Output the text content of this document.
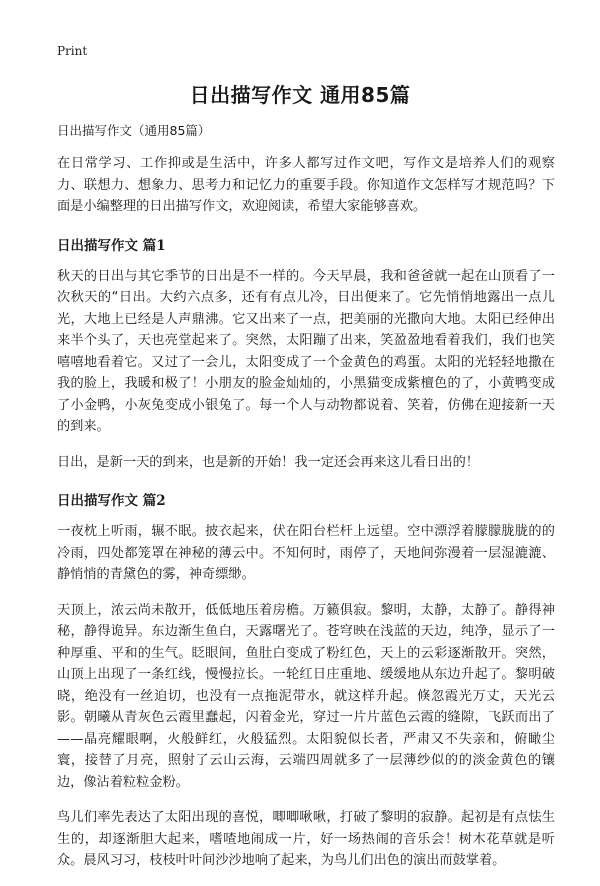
Print
日出描写作文 通用85篇
日出描写作文（通用85篇）

在日常学习、工作抑或是生活中，许多人都写过作文吧，写作文是培养人们的观察力、联想力、想象力、思考力和记忆力的重要手段。你知道作文怎样写才规范吗？下面是小编整理的日出描写作文，欢迎阅读，希望大家能够喜欢。

日出描写作文 篇1

秋天的日出与其它季节的日出是不一样的。今天早晨，我和爸爸就一起在山顶看了一次秋天的“日出。大约六点多，还有有点儿冷，日出便来了。它先悄悄地露出一点儿光，大地上已经是人声鼎沸。它又出来了一点，把美丽的光撒向大地。太阳已经伸出来半个头了，天也亮堂起来了。突然，太阳蹦了出来，笑盈盈地看着我们，我们也笑嘻嘻地看着它。又过了一会儿，太阳变成了一个金黄色的鸡蛋。太阳的光轻轻地撒在我的脸上，我暖和极了！小朋友的脸金灿灿的，小黑猫变成紫檀色的了，小黄鸭变成了小金鸭，小灰兔变成小银兔了。每一个人与动物都说着、笑着，仿佛在迎接新一天的到来。

日出，是新一天的到来，也是新的开始！我一定还会再来这儿看日出的！

日出描写作文 篇2

一夜枕上听雨，辗不眠。披衣起来，伏在阳台栏杆上远望。空中漂浮着朦朦胧胧的的冷雨，四处都笼罩在神秘的薄云中。不知何时，雨停了，天地间弥漫着一层湿漉漉、静悄悄的青黛色的雾，神奇缥缈。

天顶上，浓云尚未散开，低低地压着房檐。万籁俱寂。黎明，太静，太静了。静得神秘，静得诡异。东边渐生鱼白，天露曙光了。苍穹映在浅蓝的天边，纯净，显示了一种厚重、平和的生气。眨眼间，鱼肚白变成了粉红色，天上的云彩逐渐散开。突然，山顶上出现了一条红线，慢慢拉长。一轮红日庄重地、缓缓地从东边升起了。黎明破晓，绝没有一丝迫切，也没有一点拖泥带水，就这样升起。倏忽霞光万丈，天光云影。朝曦从青灰色云霞里蠢起，闪着金光，穿过一片片蓝色云霞的缝隙，飞跃而出了——晶亮耀眼啊，火般鲜红，火般猛烈。太阳貌似长者，严肃又不失亲和，俯瞰尘寰，接替了月亮，照射了云山云海，云端四周就多了一层薄纱似的的淡金黄色的镶边，像沾着粒粒金粉。

鸟儿们率先表达了太阳出现的喜悦，唧唧啾啾，打破了黎明的寂静。起初是有点怯生生的，却逐渐胆大起来，嗜喳地闹成一片，好一场热闹的音乐会！树木花草就是听众。晨风习习，枝枝叶叶间沙沙地响了起来，为鸟儿们出色的演出而鼓掌着。
